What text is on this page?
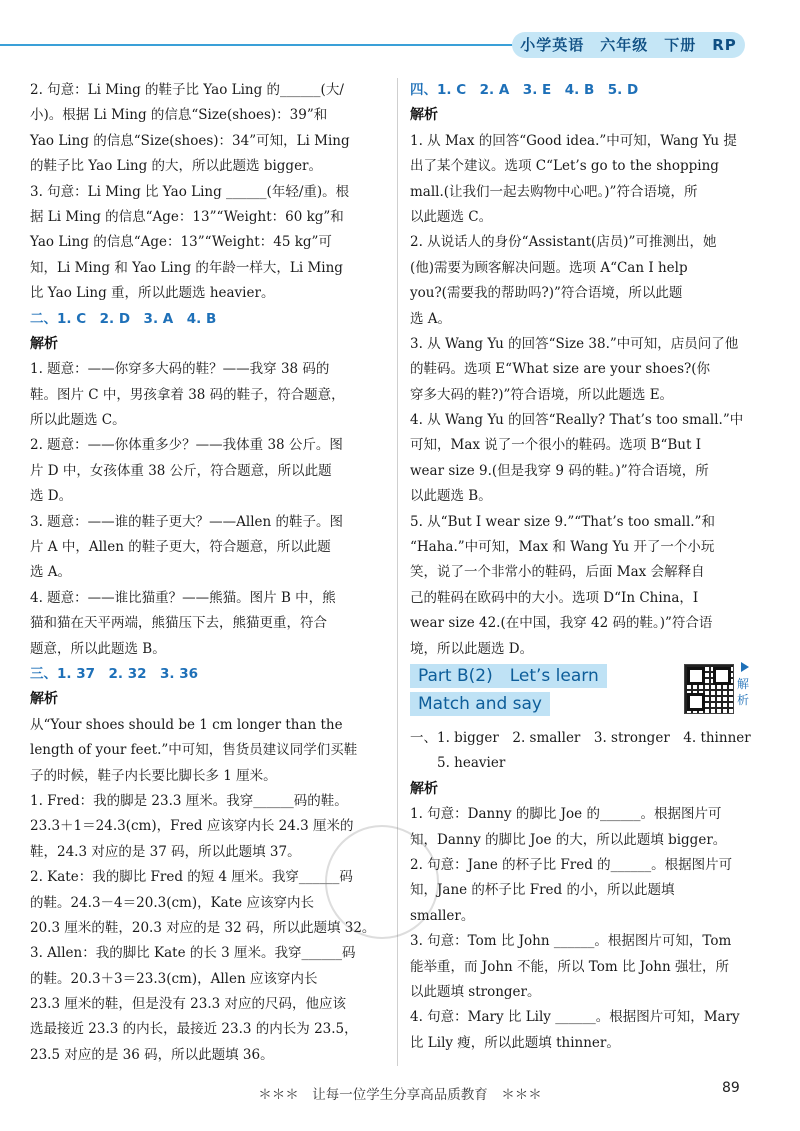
小学英语　六年级　下册　RP
2. 句意：Li Ming 的鞋子比 Yao Ling 的______(大/
小)。根据 Li Ming 的信息“Size(shoes)：39”和
Yao Ling 的信息“Size(shoes)：34”可知，Li Ming
的鞋子比 Yao Ling 的大，所以此题选 bigger。
3. 句意：Li Ming 比 Yao Ling ______(年轻/重)。根
据 Li Ming 的信息“Age：13”“Weight：60 kg”和
Yao Ling 的信息“Age：13”“Weight：45 kg”可
知，Li Ming 和 Yao Ling 的年龄一样大，Li Ming
比 Yao Ling 重，所以此题选 heavier。
二、1. C　2. D　3. A　4. B
解析
1. 题意：——你穿多大码的鞋？——我穿 38 码的
鞋。图片 C 中，男孩拿着 38 码的鞋子，符合题意，
所以此题选 C。
2. 题意：——你体重多少？——我体重 38 公斤。图
片 D 中，女孩体重 38 公斤，符合题意，所以此题
选 D。
3. 题意：——谁的鞋子更大？——Allen 的鞋子。图
片 A 中，Allen 的鞋子更大，符合题意，所以此题
选 A。
4. 题意：——谁比猫重？——熊猫。图片 B 中，熊
猫和猫在天平两端，熊猫压下去，熊猫更重，符合
题意，所以此题选 B。
三、1. 37　2. 32　3. 36
解析
从“Your shoes should be 1 cm longer than the
length of your feet.”中可知，售货员建议同学们买鞋
子的时候，鞋子内长要比脚长多 1 厘米。
1. Fred：我的脚是 23.3 厘米。我穿______码的鞋。
23.3＋1＝24.3(cm)，Fred 应该穿内长 24.3 厘米的
鞋，24.3 对应的是 37 码，所以此题填 37。
2. Kate：我的脚比 Fred 的短 4 厘米。我穿______码
的鞋。24.3－4＝20.3(cm)，Kate 应该穿内长
20.3 厘米的鞋，20.3 对应的是 32 码，所以此题填 32。
3. Allen：我的脚比 Kate 的长 3 厘米。我穿______码
的鞋。20.3＋3＝23.3(cm)，Allen 应该穿内长
23.3 厘米的鞋，但是没有 23.3 对应的尺码，他应该
选最接近 23.3 的内长，最接近 23.3 的内长为 23.5，
23.5 对应的是 36 码，所以此题填 36。
四、1. C　2. A　3. E　4. B　5. D
解析
1. 从 Max 的回答“Good idea.”中可知，Wang Yu 提
出了某个建议。选项 C“Let’s go to the shopping
mall.(让我们一起去购物中心吧。)”符合语境，所
以此题选 C。
2. 从说话人的身份“Assistant(店员)”可推测出，她
(他)需要为顾客解决问题。选项 A“Can I help
you?(需要我的帮助吗?)”符合语境，所以此题
选 A。
3. 从 Wang Yu 的回答“Size 38.”中可知，店员问了他
的鞋码。选项 E“What size are your shoes?(你
穿多大码的鞋?)”符合语境，所以此题选 E。
4. 从 Wang Yu 的回答“Really? That’s too small.”中
可知，Max 说了一个很小的鞋码。选项 B“But I
wear size 9.(但是我穿 9 码的鞋。)”符合语境，所
以此题选 B。
5. 从“But I wear size 9.”“That’s too small.”和
“Haha.”中可知，Max 和 Wang Yu 开了一个小玩
笑，说了一个非常小的鞋码，后面 Max 会解释自
己的鞋码在欧码中的大小。选项 D“In China，I
wear size 42.(在中国，我穿 42 码的鞋。)”符合语
境，所以此题选 D。
Part B(2)　Let’s learn
Match and say
解析
一、1. bigger　2. smaller　3. stronger　4. thinner
　　5. heavier
解析
1. 句意：Danny 的脚比 Joe 的______。根据图片可
知，Danny 的脚比 Joe 的大，所以此题填 bigger。
2. 句意：Jane 的杯子比 Fred 的______。根据图片可
知，Jane 的杯子比 Fred 的小，所以此题填
smaller。
3. 句意：Tom 比 John ______。根据图片可知，Tom
能举重，而 John 不能，所以 Tom 比 John 强壮，所
以此题填 stronger。
4. 句意：Mary 比 Lily ______。根据图片可知，Mary
比 Lily 瘦，所以此题填 thinner。
＊＊＊　让每一位学生分享高品质教育　＊＊＊	89
